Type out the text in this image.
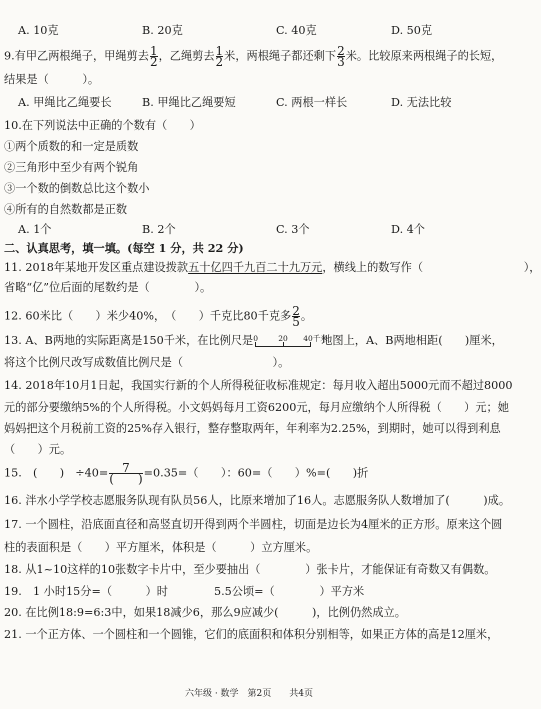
A. 10克	B. 20克	C. 40克	D. 50克
9.有甲乙两根绳子，甲绳剪去 $\frac{1}{2}$ ，乙绳剪去 $\frac{1}{2}$ 米，两根绳子都还剩下 $\frac{2}{3}$ 米。比较原来两根绳子的长短，
结果是（　　　）。
A. 甲绳比乙绳要长	B. 甲绳比乙绳要短	C. 两根一样长	D. 无法比较
10.在下列说法中正确的个数有（　　）
①两个质数的和一定是质数
②三角形中至少有两个锐角
③一个数的倒数总比这个数小
④所有的自然数都是正数
A. 1个	B. 2个	C. 3个	D. 4个
二、认真思考，填一填。(每空 1 分，共 22 分)
11. 2018年某地开发区重点建设拨款五十亿四千九百二十九万元，横线上的数写作（　　　　　　　　　），
省略“亿”位后面的尾数约是（　　　　）。
12. 60米比（　　）米少40%，　（　　）千克比80千克多 $\frac{2}{5}$ 。
13. A、B两地的实际距离是150千米，在比例尺是 0	20 40千米
地图上，A、B两地相距(　　)厘米，
将这个比例尺改写成数值比例尺是（　　　　　　　　）。
14. 2018年10月1日起，我国实行新的个人所得税征收标准规定：每月收入超出5000元而不超过8000
元的部分要缴纳5%的个人所得税。小文妈妈每月工资6200元，每月应缴纳个人所得税（　　）元；她
妈妈把这个月税前工资的25%存入银行，整存整取两年，年利率为2.25%，到期时，她可以得到利息
（　　）元。
15.　(　　)　$\div 40= \frac{7}{( )} =0.35=$（　　）：60=（　　）%=(　　)折
16. 泮水小学学校志愿服务队现有队员56人，比原来增加了16人。志愿服务队人数增加了(　　　)成。
17. 一个圆柱，沿底面直径和高竖直切开得到两个半圆柱，切面是边长为4厘米的正方形。原来这个圆
柱的表面积是（　　）平方厘米，体积是（　　　）立方厘米。
18. 从1~10这样的10张数字卡片中，至少要抽出（　　　　）张卡片，才能保证有奇数又有偶数。
19.　1 小时15分=（　　　）时	5.5公顷=（　　　　）平方米
20. 在比例18:9=6:3中，如果18减少6，那么9应减少(　　　)，比例仍然成立。
21. 一个正方体、一个圆柱和一个圆锥，它们的底面积和体积分别相等，如果正方体的高是12厘米，
六年级 · 数学　第2页　　共4页
